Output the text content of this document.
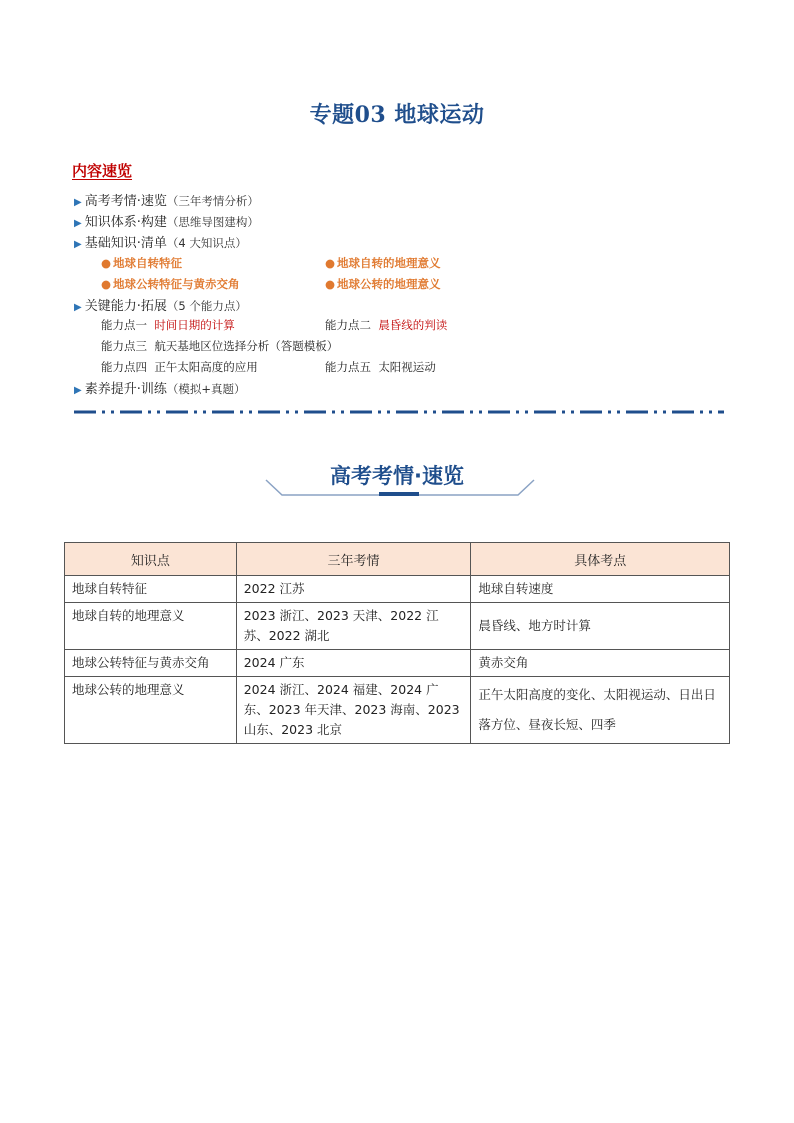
专题03 地球运动
内容速览
▶ 高考考情·速览（三年考情分析）
▶ 知识体系·构建（思维导图建构）
▶ 基础知识·清单（4 大知识点）
● 地球自转特征	● 地球自转的地理意义
● 地球公转特征与黄赤交角	● 地球公转的地理意义
▶ 关键能力·拓展（5 个能力点）
能力点一 时间日期的计算	能力点二 晨昏线的判读
能力点三 航天基地区位选择分析（答题模板）
能力点四 正午太阳高度的应用	能力点五 太阳视运动
▶ 素养提升·训练（模拟+真题）
高考考情·速览
知识点	三年考情	具体考点
地球自转特征	2022 江苏	地球自转速度
地球自转的地理意义	2023 浙江、2023 天津、2022 江苏、2022 湖北	晨昏线、地方时计算
地球公转特征与黄赤交角	2024 广东	黄赤交角
地球公转的地理意义	2024 浙江、2024 福建、2024 广东、2023 年天津、2023 海南、2023 山东、2023 北京	正午太阳高度的变化、太阳视运动、日出日落方位、昼夜长短、四季
